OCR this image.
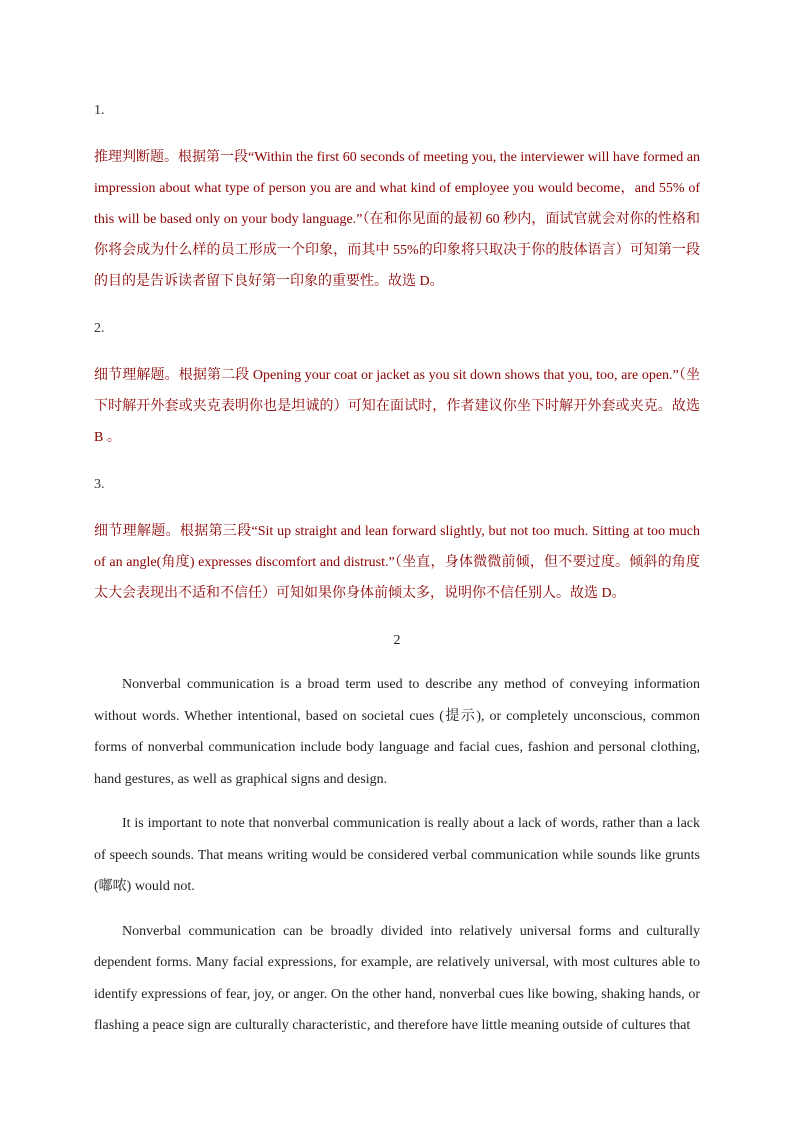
1.

推理判断题。根据第一段“Within the first 60 seconds of meeting you, the interviewer will have formed an impression about what type of person you are and what kind of employee you would become，and 55% of this will be based only on your body language.”（在和你见面的最初 60 秒内，面试官就会对你的性格和你将会成为什么样的员工形成一个印象，而其中 55%的印象将只取决于你的肢体语言）可知第一段的目的是告诉读者留下良好第一印象的重要性。故选 D。

2.

细节理解题。根据第二段 Opening your coat or jacket as you sit down shows that you, too, are open.”（坐下时解开外套或夹克表明你也是坦诚的）可知在面试时，作者建议你坐下时解开外套或夹克。故选 B 。

3.

细节理解题。根据第三段“Sit up straight and lean forward slightly, but not too much. Sitting at too much of an angle(角度) expresses discomfort and distrust.”（坐直，身体微微前倾，但不要过度。倾斜的角度太大会表现出不适和不信任）可知如果你身体前倾太多，说明你不信任别人。故选 D。

2

Nonverbal communication is a broad term used to describe any method of conveying information without words. Whether intentional, based on societal cues (提示), or completely unconscious, common forms of nonverbal communication include body language and facial cues, fashion and personal clothing, hand gestures, as well as graphical signs and design.

It is important to note that nonverbal communication is really about a lack of words, rather than a lack of speech sounds. That means writing would be considered verbal communication while sounds like grunts (嘟哝) would not.

Nonverbal communication can be broadly divided into relatively universal forms and culturally dependent forms. Many facial expressions, for example, are relatively universal, with most cultures able to identify expressions of fear, joy, or anger. On the other hand, nonverbal cues like bowing, shaking hands, or flashing a peace sign are culturally characteristic, and therefore have little meaning outside of cultures that
